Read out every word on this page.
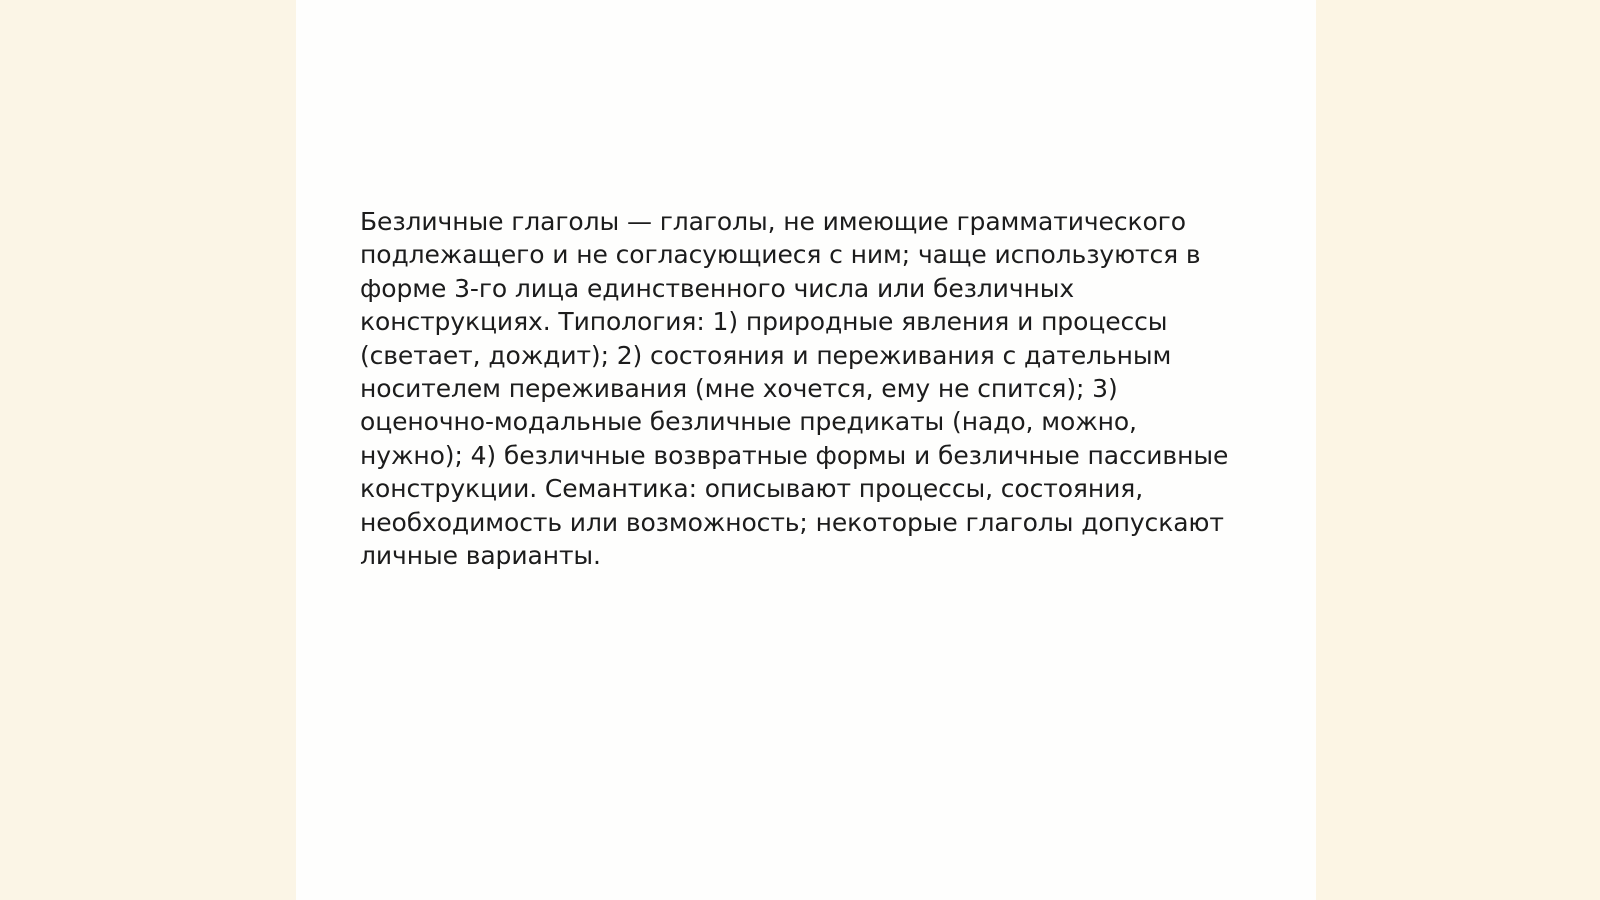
Безличные глаголы — глаголы, не имеющие грамматического подлежащего и не согласующиеся с ним; чаще используются в форме 3-го лица единственного числа или безличных конструкциях. Типология: 1) природные явления и процессы (светает, дождит); 2) состояния и переживания с дательным носителем переживания (мне хочется, ему не спится); 3) оценочно-модальные безличные предикаты (надо, можно, нужно); 4) безличные возвратные формы и безличные пассивные конструкции. Семантика: описывают процессы, состояния, необходимость или возможность; некоторые глаголы допускают личные варианты.
